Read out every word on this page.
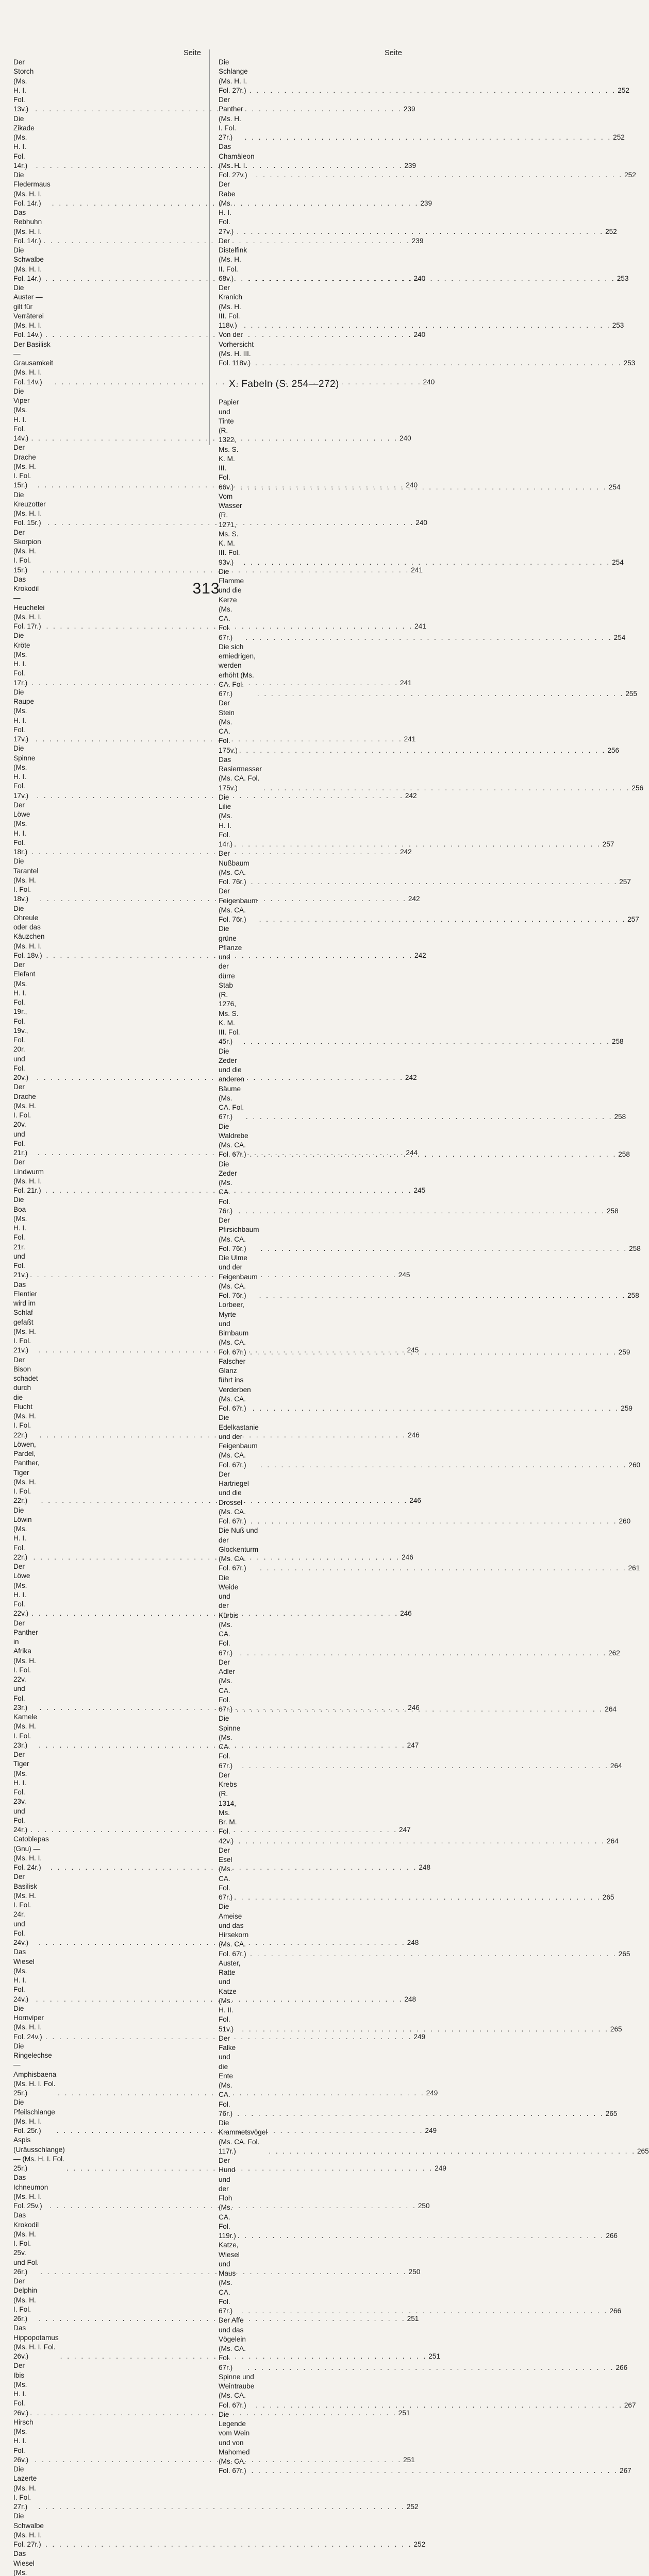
Seite
Der Storch (Ms. H. I. Fol. 13v.) . . .	239
Die Zikade (Ms. H. I. Fol. 14r.) . . .	239
Die Fledermaus (Ms. H. I. Fol. 14r.) . . .	239
Das Rebhuhn (Ms. H. I. Fol. 14r.) . . .	239
Die Schwalbe (Ms. H. I. Fol. 14r.) . . .	240
Die Auster — gilt für Verräterei (Ms. H. I. Fol. 14v.) . . .	240
Der Basilisk — Grausamkeit (Ms. H. I. Fol. 14v.) . . .	240
Die Viper (Ms. H. I. Fol. 14v.) . . .	240
Der Drache (Ms. H. I. Fol. 15r.) . . .	240
Die Kreuzotter (Ms. H. I. Fol. 15r.) . . .	240
Der Skorpion (Ms. H. I. Fol. 15r.) . . .	241
Das Krokodil — Heuchelei (Ms. H. I. Fol. 17r.) . . .	241
Die Kröte (Ms. H. I. Fol. 17r.) . . .	241
Die Raupe (Ms. H. I. Fol. 17v.) . . .	241
Die Spinne (Ms. H. I. Fol. 17v.) . . .	242
Der Löwe (Ms. H. I. Fol. 18r.) . . .	242
Die Tarantel (Ms. H. I. Fol. 18v.) . . .	242
Die Ohreule oder das Käuzchen (Ms. H. I. Fol. 18v.) . . .	242
Der Elefant (Ms. H. I. Fol. 19r., Fol. 19v., Fol. 20r. und Fol. 20v.) . . .	242
Der Drache (Ms. H. I. Fol. 20v. und Fol. 21r.) . . .	244
Der Lindwurm (Ms. H. I. Fol. 21r.) . . .	245
Die Boa (Ms. H. I. Fol. 21r. und Fol. 21v.) . . .	245
Das Elentier wird im Schlaf gefaßt (Ms. H. I. Fol. 21v.) . . .	245
Der Bison schadet durch die Flucht (Ms. H. I. Fol. 22r.) . . .	246
Löwen, Pardel, Panther, Tiger (Ms. H. I. Fol. 22r.) . . .	246
Die Löwin (Ms. H. I. Fol. 22r.) . . .	246
Der Löwe (Ms. H. I. Fol. 22v.) . . .	246
Der Panther in Afrika (Ms. H. I. Fol. 22v. und Fol. 23r.) . . .	246
Kamele (Ms. H. I. Fol. 23r.) . . .	247
Der Tiger (Ms. H. I. Fol. 23v. und Fol. 24r.) . . .	247
Catoblepas (Gnu) — (Ms. H. I. Fol. 24r.) . . .	248
Der Basilisk (Ms. H. I. Fol. 24r. und Fol. 24v.) . . .	248
Das Wiesel (Ms. H. I. Fol. 24v.) . . .	248
Die Hornviper (Ms. H. I. Fol. 24v.) . . .	249
Die Ringelechse — Amphisbaena (Ms. H. I. Fol. 25r.) . . .	249
Die Pfeilschlange (Ms. H. I. Fol. 25r.) . . .	249
Aspis (Uräusschlange) — (Ms. H. I. Fol. 25r.) . . .	249
Das Ichneumon (Ms. H. I. Fol. 25v.) . . .	250
Das Krokodil (Ms. H. I. Fol. 25v. und Fol. 26r.) . . .	250
Der Delphin (Ms. H. I. Fol. 26r.) . . .	251
Das Hippopotamus (Ms. H. I. Fol. 26v.) . . .	251
Der Ibis (Ms. H. I. Fol. 26v.) . . .	251
Hirsch (Ms. H. I. Fol. 26v.) . . .	251
Die Lazerte (Ms. H. I. Fol. 27r.) . . .	252
Die Schwalbe (Ms. H. I. Fol. 27r.) . . .	252
Das Wiesel (Ms.
Seite
Die Schlange (Ms. H. I. Fol. 27r.) . . .	252
Der Panther (Ms. H. I. Fol. 27r.) . . .	252
Das Chamäleon (Ms. H. I. Fol. 27v.) . . .	252
Der Rabe (Ms. H. I. Fol. 27v.) . . .	252
Der Distelfink (Ms. H. II. Fol. 68v.) . . .	253
Der Kranich (Ms. H. III. Fol. 118v.) . . .	253
Von der Vorhersicht (Ms. H. III. Fol. 118v.) . . .	253
X. Fabeln (S. 254—272)
Papier und Tinte (R. 1322, Ms. S. K. M. III. Fol. 66v.) . . .	254
Vom Wasser (R. 1271, Ms. S. K. M. III. Fol. 93v.) . . .	254
Die Flamme und die Kerze (Ms. CA. Fol. 67r.) . . .	254
Die sich erniedrigen, werden erhöht (Ms. CA. Fol. 67r.) . . .	255
Der Stein (Ms. CA. Fol. 175v.) . . .	256
Das Rasiermesser (Ms. CA. Fol. 175v.) . . .	256
Die Lilie (Ms. H. I. Fol. 14r.) . . .	257
Der Nußbaum (Ms. CA. Fol. 76r.) . . .	257
Der Feigenbaum (Ms. CA. Fol. 76r.) . . .	257
Die grüne Pflanze und der dürre Stab (R. 1276, Ms. S. K. M. III. Fol. 45r.) . . .	258
Die Zeder und die anderen Bäume (Ms. CA. Fol. 67r.) . . .	258
Die Waldrebe (Ms. CA. Fol. 67r.) . . .	258
Die Zeder (Ms. CA. Fol. 76r.) . . .	258
Der Pfirsichbaum (Ms. CA. Fol. 76r.) . . .	258
Die Ulme und der Feigenbaum (Ms. CA. Fol. 76r.) . . .	258
Lorbeer, Myrte und Birnbaum (Ms. CA. Fol. 67r.) . . .	259
Falscher Glanz führt ins Verderben (Ms. CA. Fol. 67r.) . . .	259
Die Edelkastanie und der Feigenbaum (Ms. CA. Fol. 67r.) . . .	260
Der Hartriegel und die Drossel (Ms. CA. Fol. 67r.) . . .	260
Die Nuß und der Glockenturm (Ms. CA. Fol. 67r.) . . .	261
Die Weide und der Kürbis (Ms. CA. Fol. 67r.) . . .	262
Der Adler (Ms. CA. Fol. 67r.) . . .	264
Die Spinne (Ms. CA. Fol. 67r.) . . .	264
Der Krebs (R. 1314, Ms. Br. M. Fol. 42v.) . . .	264
Der Esel (Ms. CA. Fol. 67r.) . . .	265
Die Ameise und das Hirsekorn (Ms. CA. Fol. 67r.) . . .	265
Auster, Ratte und Katze (Ms. H. II. Fol. 51v.) . . .	265
Der Falke und die Ente (Ms. CA. Fol. 76r.) . . .	265
Die Krammetsvögel (Ms. CA. Fol. 117r.) . . .	265
Der Hund und der Floh (Ms. CA. Fol. 119r.) . . .	266
Katze, Wiesel und Maus (Ms. CA. Fol. 67r.) . . .	266
Der Affe und das Vögelein (Ms. CA. Fol. 67r.) . . .	266
Spinne und Weintraube (Ms. CA. Fol. 67r.) . . .	267
Die Legende vom Wein und von Mahomed (Ms. CA. Fol. 67r.) . . .	267
313
